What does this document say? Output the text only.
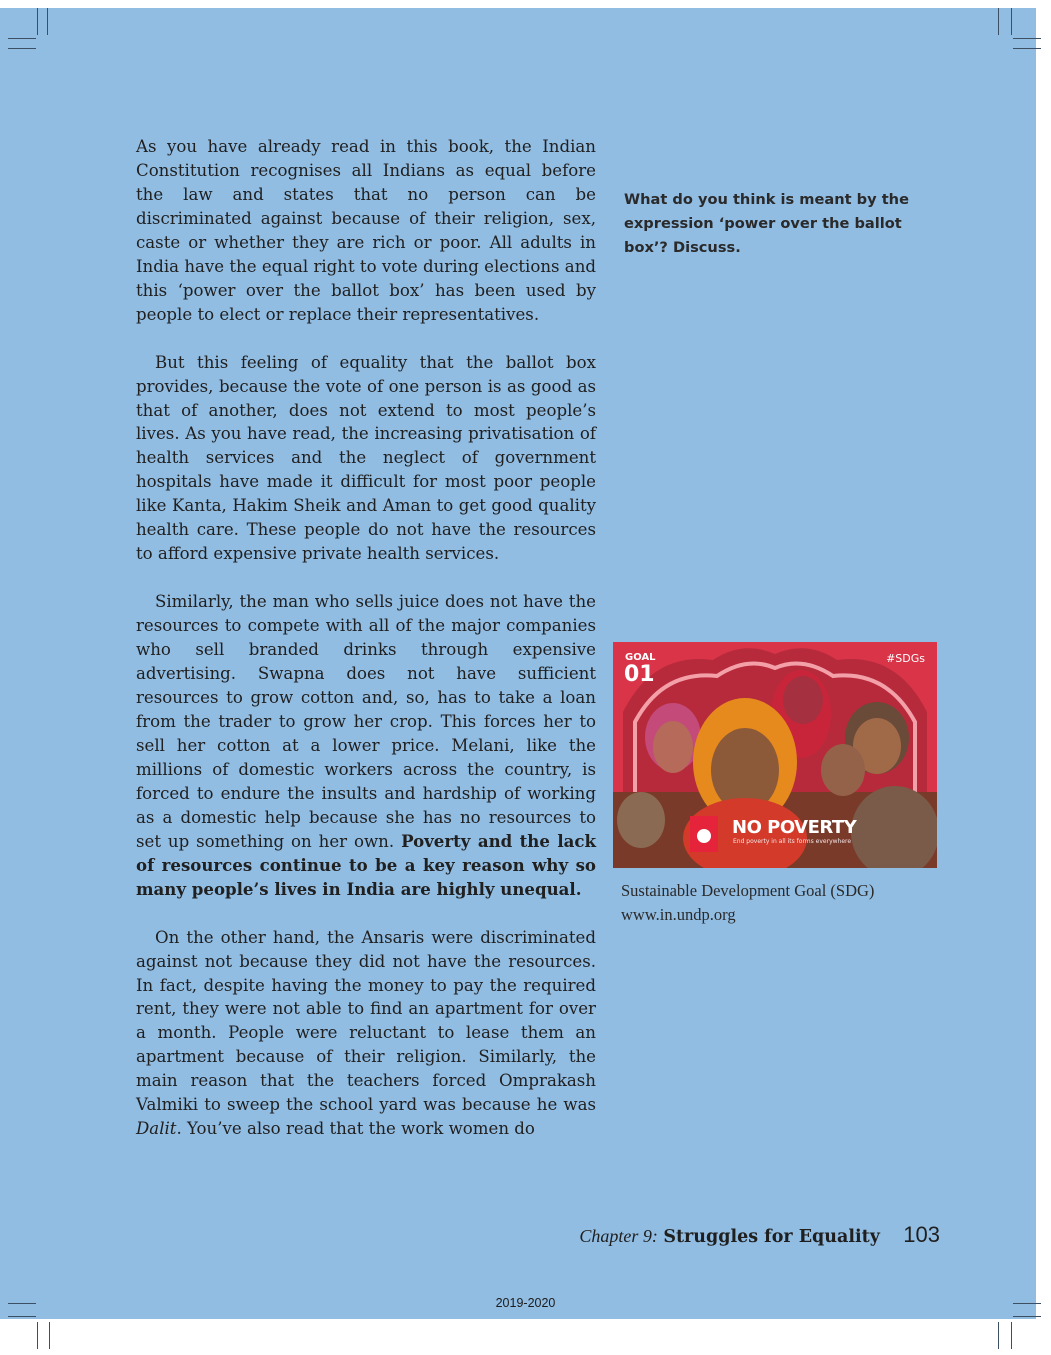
As you have already read in this book, the Indian Constitution recognises all Indians as equal before the law and states that no person can be discriminated against because of their religion, sex, caste or whether they are rich or poor. All adults in India have the equal right to vote during elections and this ‘power over the ballot box’ has been used by people to elect or replace their representatives.

But this feeling of equality that the ballot box provides, because the vote of one person is as good as that of another, does not extend to most people’s lives. As you have read, the increasing privatisation of health services and the neglect of government hospitals have made it difficult for most poor people like Kanta, Hakim Sheik and Aman to get good quality health care. These people do not have the resources to afford expensive private health services.

Similarly, the man who sells juice does not have the resources to compete with all of the major companies who sell branded drinks through expensive advertising. Swapna does not have sufficient resources to grow cotton and, so, has to take a loan from the trader to grow her crop. This forces her to sell her cotton at a lower price. Melani, like the millions of domestic workers across the country, is forced to endure the insults and hardship of working as a domestic help because she has no resources to set up something on her own. Poverty and the lack of resources continue to be a key reason why so many people’s lives in India are highly unequal.

On the other hand, the Ansaris were discriminated against not because they did not have the resources. In fact, despite having the money to pay the required rent, they were not able to find an apartment for over a month. People were reluctant to lease them an apartment because of their religion. Similarly, the main reason that the teachers forced Omprakash Valmiki to sweep the school yard was because he was Dalit. You’ve also read that the work women do

What do you think is meant by the expression ‘power over the ballot box’? Discuss.
GOAL
01
#SDGs
NO POVERTY
End poverty in all its forms everywhere
Sustainable Development Goal (SDG)
www.in.undp.org
Chapter 9: Struggles for Equality 103
2019-2020
